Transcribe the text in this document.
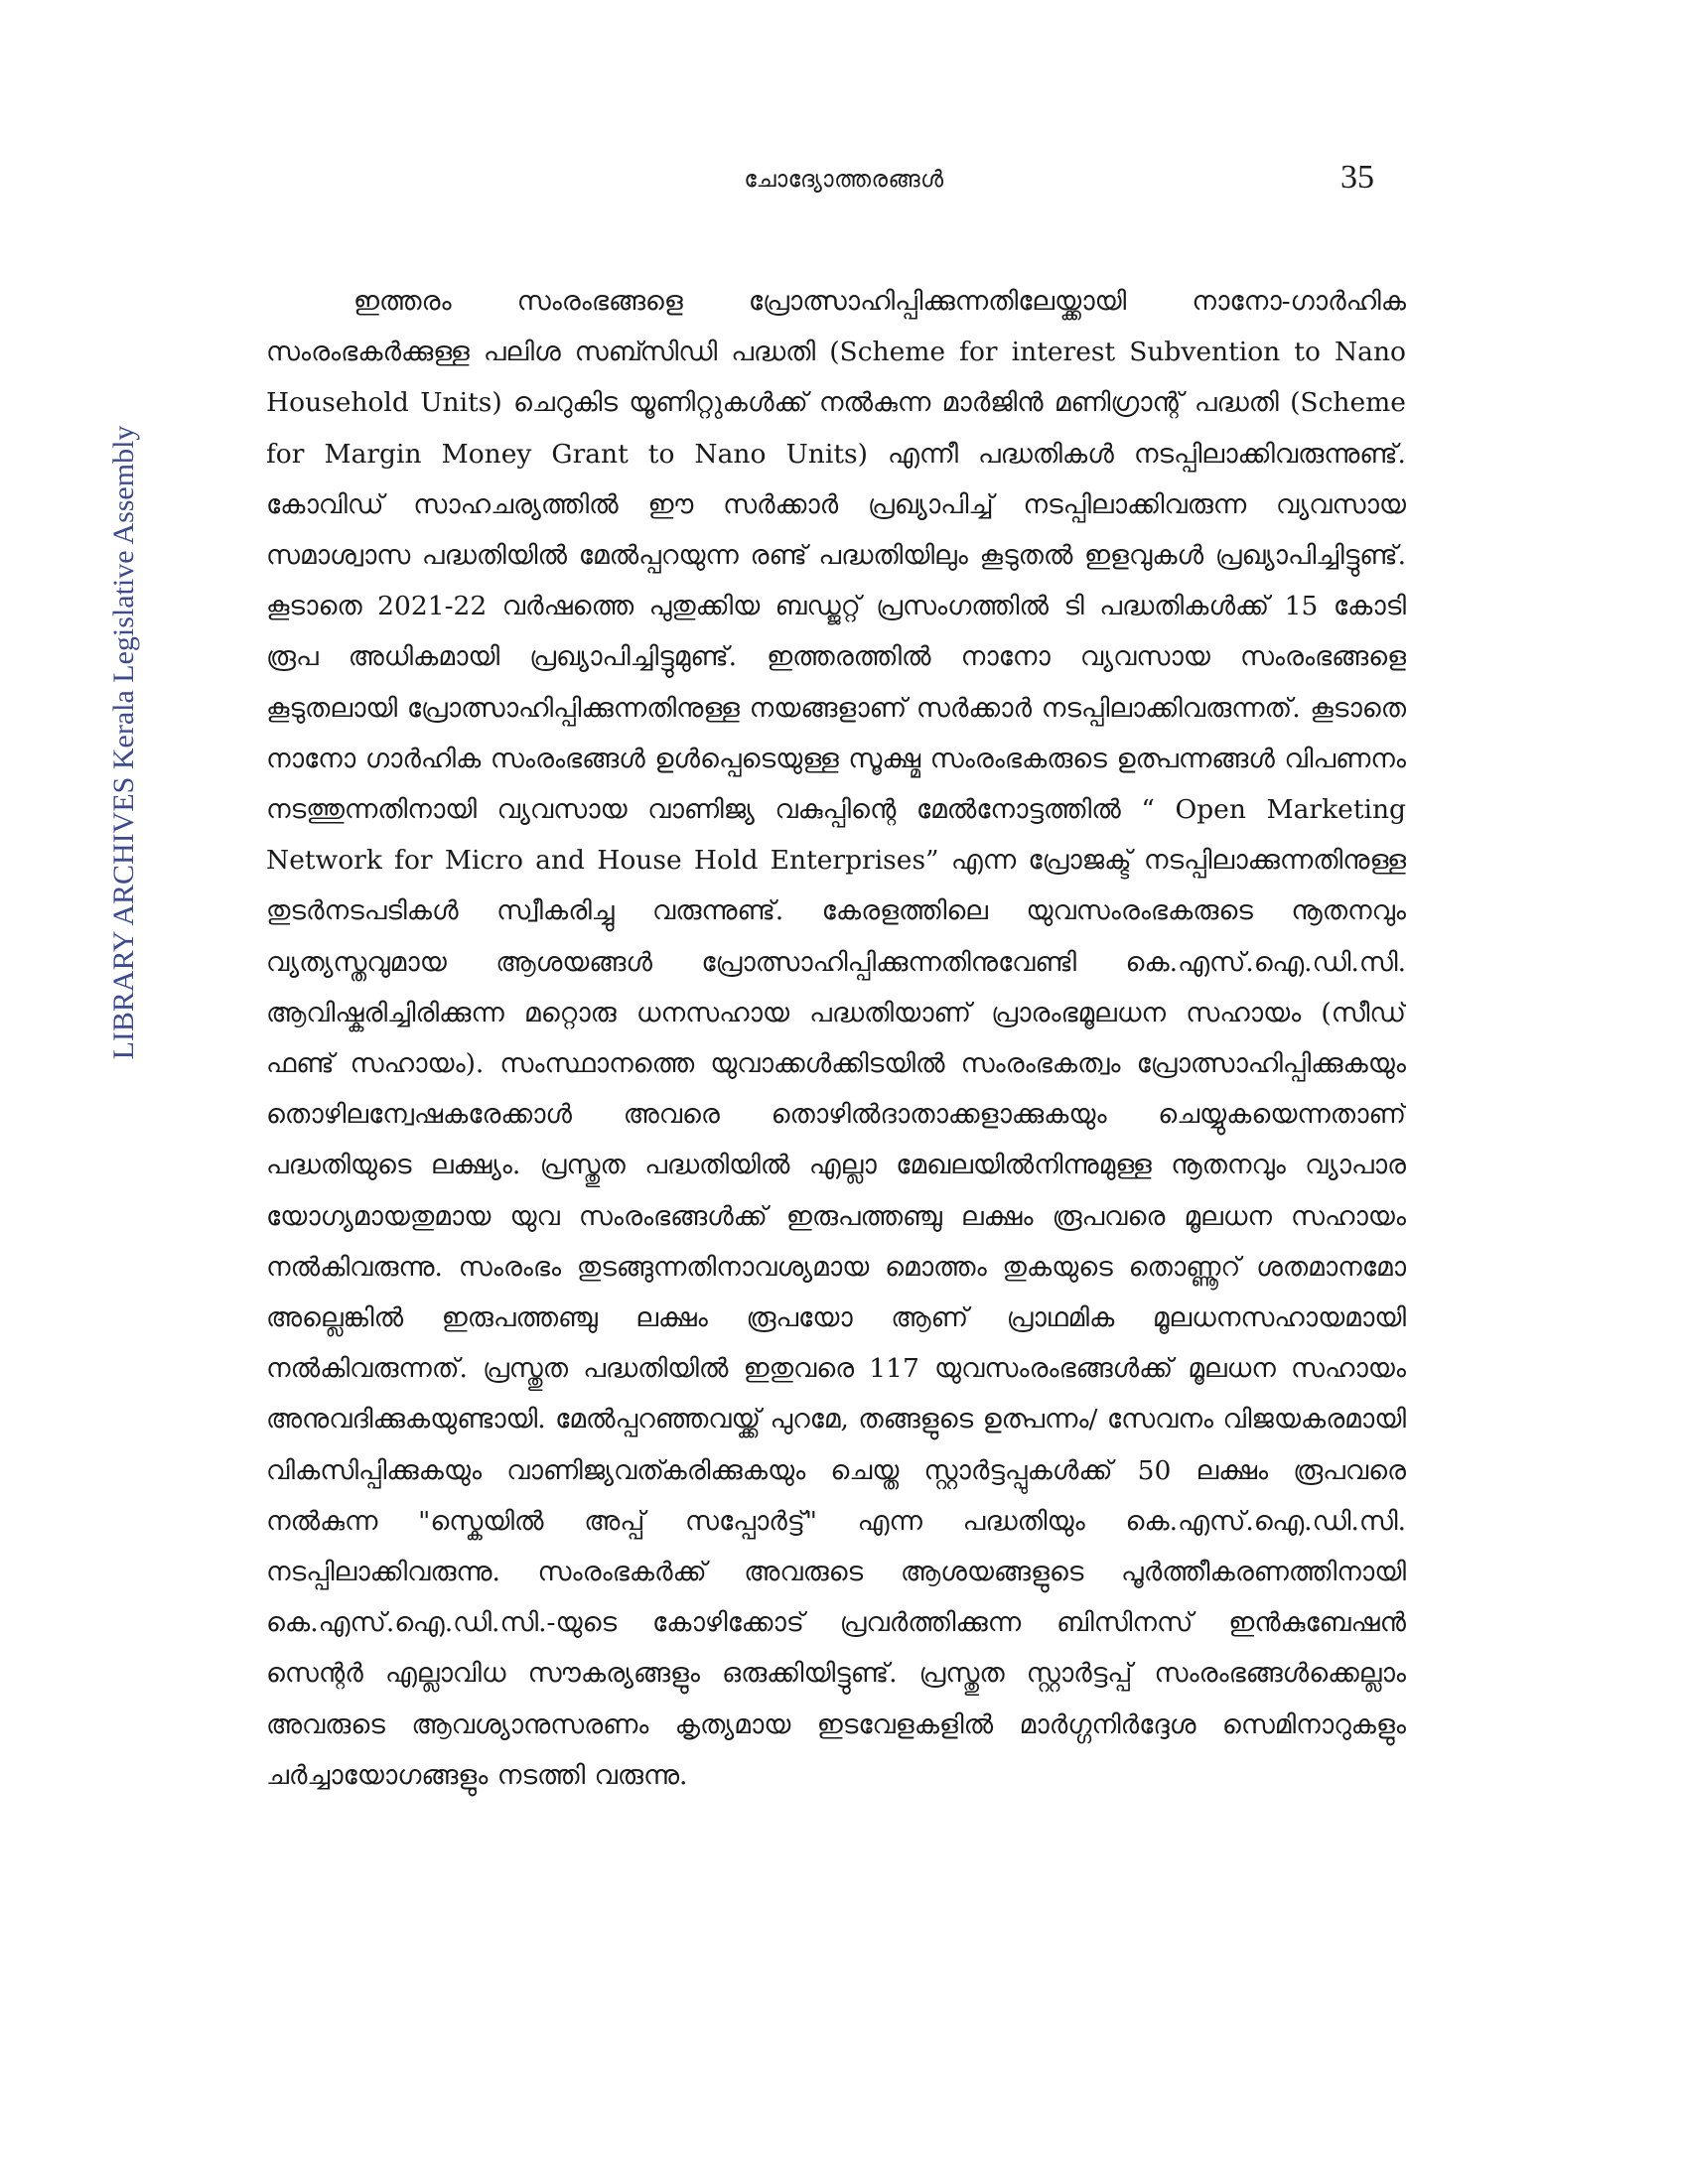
ചോദ്യോത്തരങ്ങൾ	35
LIBRARY ARCHIVES Kerala Legislative Assembly

ഇത്തരം സംരംഭങ്ങളെ പ്രോത്സാഹിപ്പിക്കുന്നതിലേയ്ക്കായി നാനോ-ഗാർഹിക സംരംഭകർക്കുള്ള പലിശ സബ്സിഡി പദ്ധതി (Scheme for interest Subvention to Nano Household Units) ചെറുകിട യൂണിറ്റുകൾക്ക് നൽകുന്ന മാർജിൻ മണിഗ്രാന്റ് പദ്ധതി (Scheme for Margin Money Grant to Nano Units) എന്നീ പദ്ധതികൾ നടപ്പിലാക്കിവരുന്നുണ്ട്. കോവിഡ് സാഹചര്യത്തിൽ ഈ സർക്കാർ പ്രഖ്യാപിച്ച് നടപ്പിലാക്കിവരുന്ന വ്യവസായ സമാശ്വാസ പദ്ധതിയിൽ മേൽപ്പറയുന്ന രണ്ട് പദ്ധതിയിലും കൂടുതൽ ഇളവുകൾ പ്രഖ്യാപിച്ചിട്ടുണ്ട്. കൂടാതെ 2021-22 വർഷത്തെ പുതുക്കിയ ബഡ്ജറ്റ് പ്രസംഗത്തിൽ ടി പദ്ധതികൾക്ക് 15 കോടി രൂപ അധികമായി പ്രഖ്യാപിച്ചിട്ടുമുണ്ട്. ഇത്തരത്തിൽ നാനോ വ്യവസായ സംരംഭങ്ങളെ കൂടുതലായി പ്രോത്സാഹിപ്പിക്കുന്നതിനുള്ള നയങ്ങളാണ് സർക്കാർ നടപ്പിലാക്കിവരുന്നത്. കൂടാതെ നാനോ ഗാർഹിക സംരംഭങ്ങൾ ഉൾപ്പെടെയുള്ള സൂക്ഷ്മ സംരംഭകരുടെ ഉത്പന്നങ്ങൾ വിപണനം നടത്തുന്നതിനായി വ്യവസായ വാണിജ്യ വകുപ്പിന്റെ മേൽനോട്ടത്തിൽ “ Open Marketing Network for Micro and House Hold Enterprises” എന്ന പ്രോജക്ട് നടപ്പിലാക്കുന്നതിനുള്ള തുടർനടപടികൾ സ്വീകരിച്ചു വരുന്നുണ്ട്. കേരളത്തിലെ യുവസംരംഭകരുടെ നൂതനവും വ്യത്യസ്തവുമായ ആശയങ്ങൾ പ്രോത്സാഹിപ്പിക്കുന്നതിനുവേണ്ടി കെ.എസ്.ഐ.ഡി.സി. ആവിഷ്കരിച്ചിരിക്കുന്ന മറ്റൊരു ധനസഹായ പദ്ധതിയാണ് പ്രാരംഭമൂലധന സഹായം (സീഡ് ഫണ്ട് സഹായം). സംസ്ഥാനത്തെ യുവാക്കൾക്കിടയിൽ സംരംഭകത്വം പ്രോത്സാഹിപ്പിക്കുകയും തൊഴിലന്വേഷകരേക്കാൾ അവരെ തൊഴിൽദാതാക്കളാക്കുകയും ചെയ്യുകയെന്നതാണ് പദ്ധതിയുടെ ലക്ഷ്യം. പ്രസ്തുത പദ്ധതിയിൽ എല്ലാ മേഖലയിൽനിന്നുമുള്ള നൂതനവും വ്യാപാര യോഗ്യമായതുമായ യുവ സംരംഭങ്ങൾക്ക് ഇരുപത്തഞ്ചു ലക്ഷം രൂപവരെ മൂലധന സഹായം നൽകിവരുന്നു. സംരംഭം തുടങ്ങുന്നതിനാവശ്യമായ മൊത്തം തുകയുടെ തൊണ്ണൂറ് ശതമാനമോ അല്ലെങ്കിൽ ഇരുപത്തഞ്ചു ലക്ഷം രൂപയോ ആണ് പ്രാഥമിക മൂലധനസഹായമായി നൽകിവരുന്നത്. പ്രസ്തുത പദ്ധതിയിൽ ഇതുവരെ 117 യുവസംരംഭങ്ങൾക്ക് മൂലധന സഹായം അനുവദിക്കുകയുണ്ടായി. മേൽപ്പറഞ്ഞവയ്ക്ക് പുറമേ, തങ്ങളുടെ ഉത്പന്നം/ സേവനം വിജയകരമായി വികസിപ്പിക്കുകയും വാണിജ്യവത്കരിക്കുകയും ചെയ്ത സ്റ്റാർട്ടപ്പുകൾക്ക് 50 ലക്ഷം രൂപവരെ നൽകുന്ന "സ്കെയിൽ അപ്പ് സപ്പോർട്ട്" എന്ന പദ്ധതിയും കെ.എസ്.ഐ.ഡി.സി. നടപ്പിലാക്കിവരുന്നു. സംരംഭകർക്ക് അവരുടെ ആശയങ്ങളുടെ പൂർത്തീകരണത്തിനായി കെ.എസ്.ഐ.ഡി.സി.-യുടെ കോഴിക്കോട് പ്രവർത്തിക്കുന്ന ബിസിനസ് ഇൻകുബേഷൻ സെന്റർ എല്ലാവിധ സൗകര്യങ്ങളും ഒരുക്കിയിട്ടുണ്ട്. പ്രസ്തുത സ്റ്റാർട്ടപ്പ് സംരംഭങ്ങൾക്കെല്ലാം അവരുടെ ആവശ്യാനുസരണം കൃത്യമായ ഇടവേളകളിൽ മാർഗ്ഗനിർദ്ദേശ സെമിനാറുകളും ചർച്ചായോഗങ്ങളും നടത്തി വരുന്നു.
